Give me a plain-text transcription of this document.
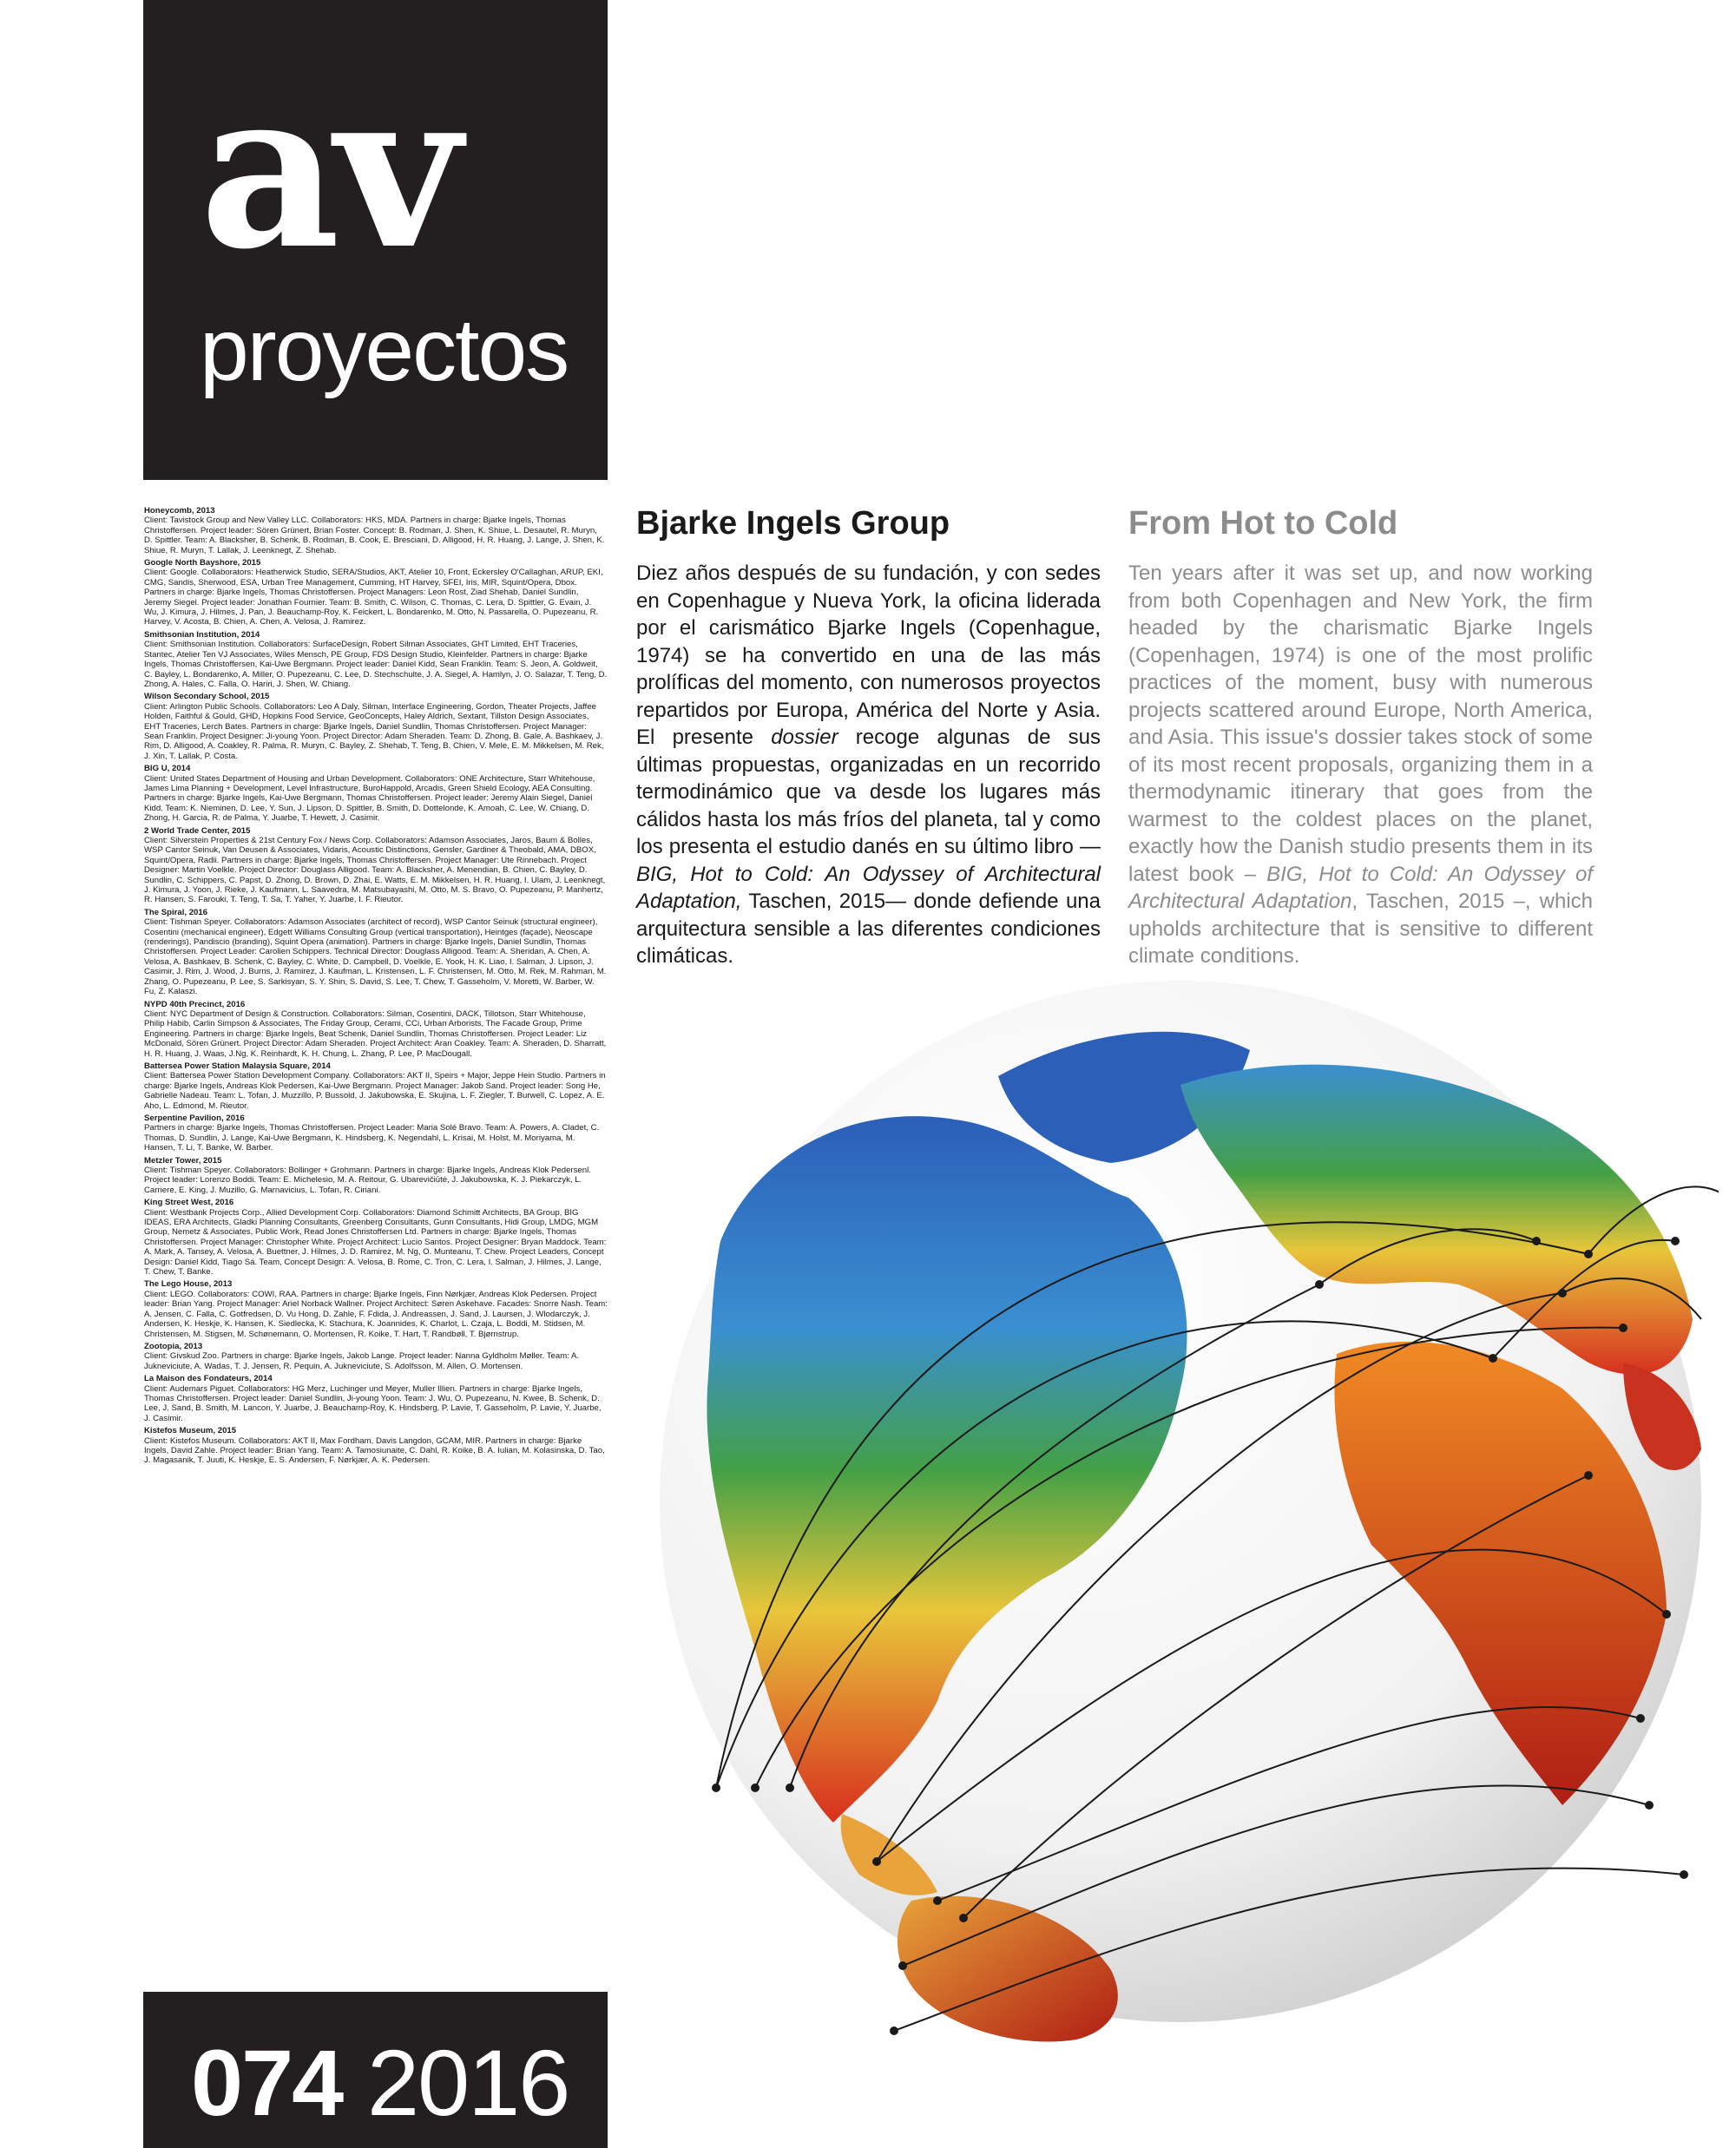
av
proyectos
Honeycomb, 2013
Client: Tavistock Group and New Valley LLC. Collaborators: HKS, MDA. Partners in charge: Bjarke Ingels, Thomas Christoffersen. Project leader: Sören Grünert, Brian Foster. Concept: B. Rodman, J. Shen, K. Shiue, L. Desautel, R. Muryn, D. Spittler. Team: A. Blacksher, B. Schenk, B. Rodman, B. Cook, E. Bresciani, D. Alligood, H. R. Huang, J. Lange, J. Shen, K. Shiue, R. Muryn, T. Lallak, J. Leenknegt, Z. Shehab.
Google North Bayshore, 2015
Client: Google. Collaborators: Heatherwick Studio, SERA/Studios, AKT, Atelier 10, Front, Eckersley O'Callaghan, ARUP, EKI, CMG, Sandis, Sherwood, ESA, Urban Tree Management, Cumming, HT Harvey, SFEI, Iris, MIR, Squint/Opera, Dbox. Partners in charge: Bjarke Ingels, Thomas Christoffersen. Project Managers: Leon Rost, Ziad Shehab, Daniel Sundlin, Jeremy Siegel. Project leader: Jonathan Fournier. Team: B. Smith, C. Wilson, C. Thomas, C. Lera, D. Spittler, G. Evain, J. Wu, J. Kimura, J. Hilmes, J. Pan, J. Beauchamp-Roy, K. Feickert, L. Bondarenko, M. Otto, N. Passarella, O. Pupezeanu, R. Harvey, V. Acosta, B. Chien, A. Chen, A. Velosa, J. Ramirez.
Smithsonian Institution, 2014
Client: Smithsonian Institution. Collaborators: SurfaceDesign, Robert Silman Associates, GHT Limited, EHT Traceries, Stantec, Atelier Ten VJ Associates, Wiles Mensch, PE Group, FDS Design Studio, Kleinfelder. Partners in charge: Bjarke Ingels, Thomas Christoffersen, Kai-Uwe Bergmann. Project leader: Daniel Kidd, Sean Franklin. Team: S. Jeon, A. Goldweit, C. Bayley, L. Bondarenko, A. Miller, O. Pupezeanu, C. Lee, D. Stechschulte, J. A. Siegel, A. Hamlyn, J. O. Salazar, T. Teng, D. Zhong, A. Hales, C. Falla, O. Hariri, J. Shen, W. Chiang.
Wilson Secondary School, 2015
Client: Arlington Public Schools. Collaborators: Leo A Daly, Silman, Interface Engineering, Gordon, Theater Projects, Jaffee Holden, Faithful & Gould, GHD, Hopkins Food Service, GeoConcepts, Haley Aldrich, Sextant, Tillston Design Associates, EHT Traceries, Lerch Bates. Partners in charge: Bjarke Ingels, Daniel Sundlin, Thomas Christoffersen. Project Manager: Sean Franklin. Project Designer: Ji-young Yoon. Project Director: Adam Sheraden. Team: D. Zhong, B. Gale, A. Bashkaev, J. Rim, D. Alligood, A. Coakley, R. Palma, R. Muryn, C. Bayley, Z. Shehab, T. Teng, B. Chien, V. Mele, E. M. Mikkelsen, M. Rek, J. Xin, T. Lallak, P. Costa.
BIG U, 2014
Client: United States Department of Housing and Urban Development. Collaborators: ONE Architecture, Starr Whitehouse, James Lima Planning + Development, Level Infrastructure, BuroHappold, Arcadis, Green Shield Ecology, AEA Consulting. Partners in charge: Bjarke Ingels, Kai-Uwe Bergmann, Thomas Christoffersen. Project leader: Jeremy Alain Siegel, Daniel Kidd. Team: K. Nieminen, D. Lee, Y. Sun, J. Lipson, D. Spittler, B. Smith, D. Dottelonde, K. Amoah, C. Lee, W. Chiang, D. Zhong, H. Garcia, R. de Palma, Y. Juarbe, T. Hewett, J. Casimir.
2 World Trade Center, 2015
Client: Silverstein Properties & 21st Century Fox / News Corp. Collaborators: Adamson Associates, Jaros, Baum & Bolles, WSP Cantor Seinuk, Van Deusen & Associates, Vidaris, Acoustic Distinctions, Gensler, Gardiner & Theobald, AMA, DBOX, Squint/Opera, Radii. Partners in charge: Bjarke Ingels, Thomas Christoffersen. Project Manager: Ute Rinnebach. Project Designer: Martin Voelkle. Project Director: Douglass Alligood. Team: A. Blacksher, A. Menendian, B. Chien, C. Bayley, D. Sundlin, C. Schippers, C. Papst, D. Zhong, D. Brown, D. Zhai, E. Watts, E. M. Mikkelsen, H. R. Huang, I. Ulam, J. Leenknegt, J. Kimura, J. Yoon, J. Rieke, J. Kaufmann, L. Saavedra, M. Matsubayashi, M. Otto, M. S. Bravo, O. Pupezeanu, P. Manhertz, R. Hansen, S. Farouki, T. Teng, T. Sa, T. Yaher, Y. Juarbe, I. F. Rieutor.
The Spiral, 2016
Client: Tishman Speyer. Collaborators: Adamson Associates (architect of record), WSP Cantor Seinuk (structural engineer), Cosentini (mechanical engineer), Edgett Williams Consulting Group (vertical transportation), Heintges (façade), Neoscape (renderings), Pandiscio (branding), Squint Opera (animation). Partners in charge: Bjarke Ingels, Daniel Sundlin, Thomas Christoffersen. Project Leader: Carolien Schippers. Technical Director: Douglass Alligood. Team: A. Sheridan, A. Chen, A. Velosa, A. Bashkaev, B. Schenk, C. Bayley, C. White, D. Campbell, D. Voelkle, E. Yook, H. K. Liao, I. Salman, J. Lipson, J. Casimir, J. Rim, J. Wood, J. Burns, J. Ramirez, J. Kaufman, L. Kristensen, L. F. Christensen, M. Otto, M. Rek, M. Rahman, M. Zhang, O. Pupezeanu, P. Lee, S. Sarkisyan, S. Y. Shin, S. David, S. Lee, T. Chew, T. Gasseholm, V. Moretti, W. Barber, W. Fu, Z. Kalaszi.
NYPD 40th Precinct, 2016
Client: NYC Department of Design & Construction. Collaborators: Silman, Cosentini, DACK, Tillotson, Starr Whitehouse, Philip Habib, Carlin Simpson & Associates, The Friday Group, Cerami, CCi, Urban Arborists, The Facade Group, Prime Engineering. Partners in charge: Bjarke Ingels, Beat Schenk, Daniel Sundlin, Thomas Christoffersen. Project Leader: Liz McDonald, Sören Grünert. Project Director: Adam Sheraden. Project Architect: Aran Coakley. Team: A. Sheraden, D. Sharratt, H. R. Huang, J. Waas, J.Ng, K. Reinhardt, K. H. Chung, L. Zhang, P. Lee, P. MacDougall.
Battersea Power Station Malaysia Square, 2014
Client: Battersea Power Station Development Company. Collaborators: AKT II, Speirs + Major, Jeppe Hein Studio. Partners in charge: Bjarke Ingels, Andreas Klok Pedersen, Kai-Uwe Bergmann. Project Manager: Jakob Sand. Project leader: Song He, Gabrielle Nadeau. Team: L. Tofan, J. Muzzillo, P. Bussold, J. Jakubowska, E. Skujina, L. F. Ziegler, T. Burwell, C. Lopez, A. E. Aho, L. Edmond, M. Rieutor.
Serpentine Pavilion, 2016
Partners in charge: Bjarke Ingels, Thomas Christoffersen. Project Leader: Maria Solé Bravo. Team: A. Powers, A. Cladet, C. Thomas, D. Sundlin, J. Lange, Kai-Uwe Bergmann, K. Hindsberg, K. Negendahl, L. Krisai, M. Holst, M. Moriyama, M. Hansen, T. Li, T. Banke, W. Barber.
Metzler Tower, 2015
Client: Tishman Speyer. Collaborators: Bollinger + Grohmann. Partners in charge: Bjarke Ingels, Andreas Klok Pedersenl. Project leader: Lorenzo Boddi. Team: E. Michelesio, M. A. Reitour, G. Ubarevičiūtė, J. Jakubowska, K. J. Piekarczyk, L. Carriere, E. King, J. Muzillo, G. Marnavicius, L. Tofan, R. Ciriani.
King Street West, 2016
Client: Westbank Projects Corp., Allied Development Corp. Collaborators: Diamond Schmitt Architects, BA Group, BIG IDEAS, ERA Architects, Gladki Planning Consultants, Greenberg Consultants, Gunn Consultants, Hidi Group, LMDG, MGM Group, Nemetz & Associates, Public Work, Read Jones Christoffersen Ltd. Partners in charge: Bjarke Ingels, Thomas Christoffersen. Project Manager: Christopher White. Project Architect: Lucio Santos. Project Designer: Bryan Maddock. Team: A. Mark, A. Tansey, A. Velosa, A. Buettner, J. Hilmes, J. D. Ramirez, M. Ng, O. Munteanu, T. Chew. Project Leaders, Concept Design: Daniel Kidd, Tiago Sá. Team, Concept Design: A. Velosa, B. Rome, C. Tron, C. Lera, I. Salman, J. Hilmes, J. Lange, T. Chew, T. Banke.
The Lego House, 2013
Client: LEGO. Collaborators: COWI, RAA. Partners in charge: Bjarke Ingels, Finn Nørkjær, Andreas Klok Pedersen. Project leader: Brian Yang. Project Manager: Ariel Norback Wallner. Project Architect: Søren Askehave. Facades: Snorre Nash. Team: A. Jensen, C. Falla, C. Gotfredsen, D. Vu Hong, D. Zahle, F. Fdida, J. Andreassen, J. Sand, J. Laursen, J. Wlodarczyk, J. Andersen, K. Heskje, K. Hansen, K. Siedlecka, K. Stachura, K. Joannides, K. Charlot, L. Czaja, L. Boddi, M. Stidsen, M. Christensen, M. Stigsen, M. Schønemann, O. Mortensen, R. Koike, T. Hart, T. Randbøll, T. Bjørnstrup.
Zootopia, 2013
Client: Givskud Zoo. Partners in charge: Bjarke Ingels, Jakob Lange. Project leader: Nanna Gyldholm Møller. Team: A. Jukneviciute, A. Wadas, T. J. Jensen, R. Pequin, A. Jukneviciute, S. Adolfsson, M. Allen, O. Mortensen.
La Maison des Fondateurs, 2014
Client: Audemars Piguet. Collaborators: HG Merz, Luchinger und Meyer, Muller Illien. Partners in charge: Bjarke Ingels, Thomas Christoffersen. Project leader: Daniel Sundlin, Ji-young Yoon. Team: J. Wu, O. Pupezeanu, N. Kwee, B. Schenk, D. Lee, J. Sand, B. Smith, M. Lancon, Y. Juarbe, J. Beauchamp-Roy, K. Hindsberg, P. Lavie, T. Gasseholm, P. Lavie, Y. Juarbe, J. Casimir.
Kistefos Museum, 2015
Client: Kistefos Museum. Collaborators: AKT II, Max Fordham, Davis Langdon, GCAM, MIR. Partners in charge: Bjarke Ingels, David Zahle. Project leader: Brian Yang. Team: A. Tamosiunaite, C. Dahl, R. Koike, B. A. Iulian, M. Kolasinska, D. Tao, J. Magasanik, T. Juuti, K. Heskje, E. S. Andersen, F. Nørkjær, A. K. Pedersen.
074 2016
Bjarke Ingels Group
Diez años después de su fundación, y con sedes en Copenhague y Nueva York, la oficina liderada por el carismático Bjarke Ingels (Copenhague, 1974) se ha convertido en una de las más prolíficas del momento, con numerosos proyectos repartidos por Europa, América del Norte y Asia. El presente dossier recoge algunas de sus últimas propuestas, organizadas en un recorrido termodinámico que va desde los lugares más cálidos hasta los más fríos del planeta, tal y como los presenta el estudio danés en su último libro —BIG, Hot to Cold: An Odyssey of Architectural Adaptation, Taschen, 2015— donde defiende una arquitectura sensible a las diferentes condiciones climáticas.
From Hot to Cold
Ten years after it was set up, and now working from both Copenhagen and New York, the firm headed by the charismatic Bjarke Ingels (Copenhagen, 1974) is one of the most prolific practices of the moment, busy with numerous projects scattered around Europe, North America, and Asia. This issue's dossier takes stock of some of its most recent proposals, organizing them in a thermodynamic itinerary that goes from the warmest to the coldest places on the planet, exactly how the Danish studio presents them in its latest book – BIG, Hot to Cold: An Odyssey of Architectural Adaptation, Taschen, 2015 –, which upholds architecture that is sensitive to different climate conditions.
